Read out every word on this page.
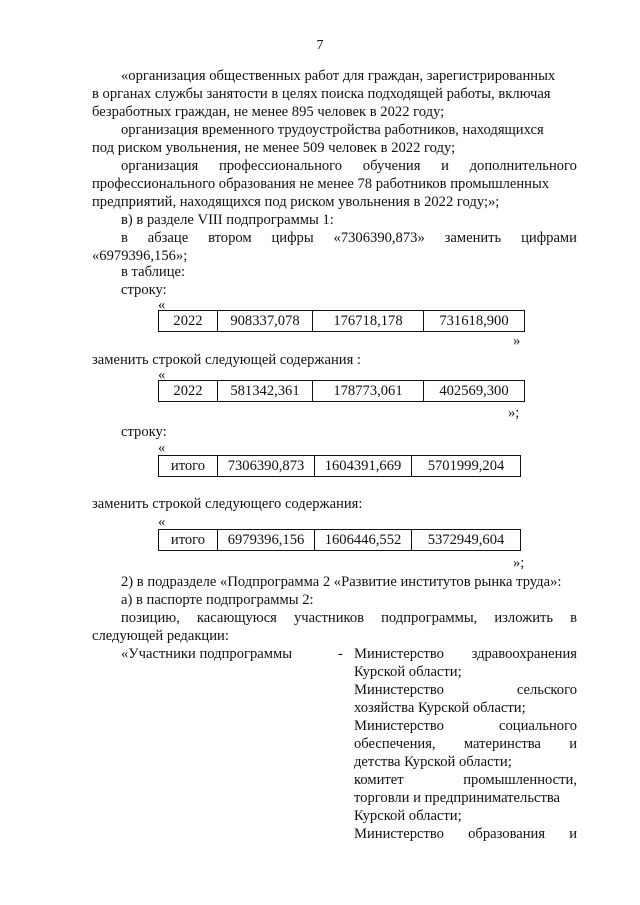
7
«организация общественных работ для граждан, зарегистрированных
в органах службы занятости в целях поиска подходящей работы, включая
безработных граждан, не менее 895 человек в 2022 году;
организация временного трудоустройства работников, находящихся
под риском увольнения, не менее 509 человек в 2022 году;
организация профессионального обучения и дополнительного
профессионального образования не менее 78 работников промышленных
предприятий, находящихся под риском увольнения в 2022 году;»;
в) в разделе VIII подпрограммы 1:
в абзаце втором цифры «7306390,873» заменить цифрами
«6979396,156»;
в таблице:
строку:
«
2022	908337,078	176718,178	731618,900
»
заменить строкой следующей содержания :
«
2022	581342,361	178773,061	402569,300
»;
строку:
«
итого	7306390,873	1604391,669	5701999,204
заменить строкой следующего содержания:
«
итого	6979396,156	1606446,552	5372949,604
»;
2) в подразделе «Подпрограмма 2 «Развитие институтов рынка труда»:
а) в паспорте подпрограммы 2:
позицию, касающуюся участников подпрограммы, изложить в
следующей редакции:
«Участники подпрограммы	- Министерство здравоохранения
Курской области;
Министерство	сельского
хозяйства Курской области;
Министерство	социального
обеспечения, материнства и
детства Курской области;
комитет	промышленности,
торговли и предпринимательства
Курской области;
Министерство образования и
